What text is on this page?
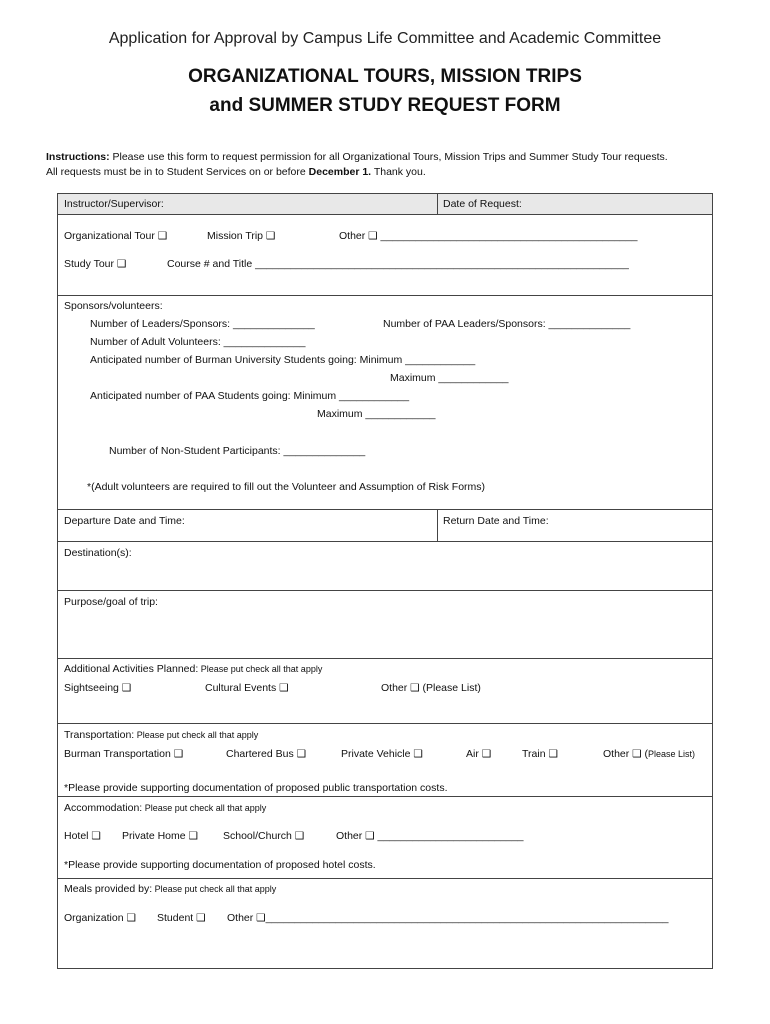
Application for Approval by Campus Life Committee and Academic Committee
ORGANIZATIONAL TOURS, MISSION TRIPS
and SUMMER STUDY REQUEST FORM
Instructions: Please use this form to request permission for all Organizational Tours, Mission Trips and Summer Study Tour requests.
All requests must be in to Student Services on or before December 1. Thank you.
Instructor/Supervisor:	Date of Request:
Organizational Tour ❑	Mission Trip ❑	Other ❑ ____________________________________________
Study Tour ❑	Course # and Title ________________________________________________________________
Sponsors/volunteers:
Number of Leaders/Sponsors: ______________	Number of PAA Leaders/Sponsors: ______________
Number of Adult Volunteers: ______________
Anticipated number of Burman University Students going: Minimum ____________
Maximum ____________
Anticipated number of PAA Students going: Minimum ____________
Maximum ____________
Number of Non-Student Participants: ______________
*(Adult volunteers are required to fill out the Volunteer and Assumption of Risk Forms)
Departure Date and Time:	Return Date and Time:
Destination(s):
Purpose/goal of trip:
Additional Activities Planned: Please put check all that apply
Sightseeing ❑	Cultural Events ❑	Other ❑ (Please List)
Transportation: Please put check all that apply
Burman Transportation ❑	Chartered Bus ❑	Private Vehicle ❑	Air ❑	Train ❑	Other ❑ (Please List)
*Please provide supporting documentation of proposed public transportation costs.
Accommodation: Please put check all that apply
Hotel ❑ Private Home ❑ School/Church ❑	Other ❑ _________________________
*Please provide supporting documentation of proposed hotel costs.
Meals provided by: Please put check all that apply
Organization ❑ Student ❑ Other ❑_____________________________________________________________________
